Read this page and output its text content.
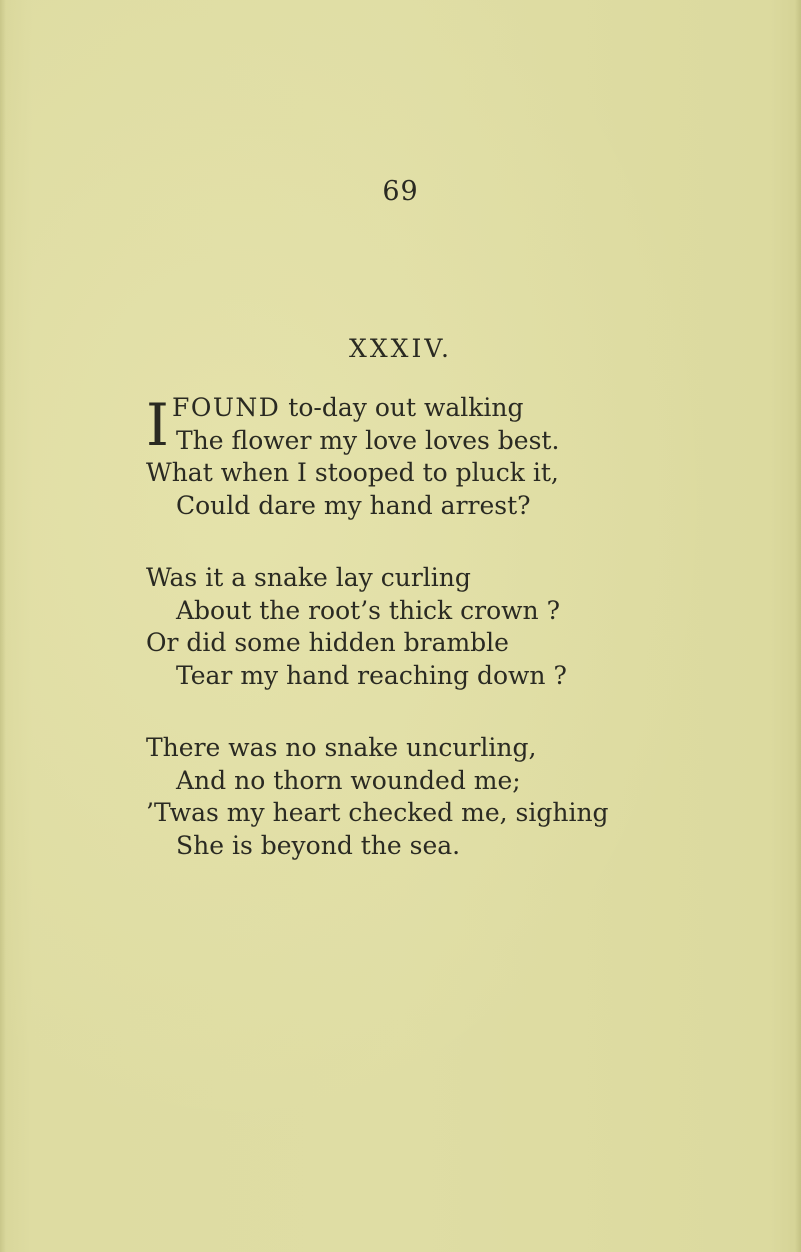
69
XXXIV.
I FOUND to-day out walking
The flower my love loves best.
What when I stooped to pluck it,
Could dare my hand arrest?
Was it a snake lay curling
About the root’s thick crown ?
Or did some hidden bramble
Tear my hand reaching down ?
There was no snake uncurling,
And no thorn wounded me;
’Twas my heart checked me, sighing
She is beyond the sea.
